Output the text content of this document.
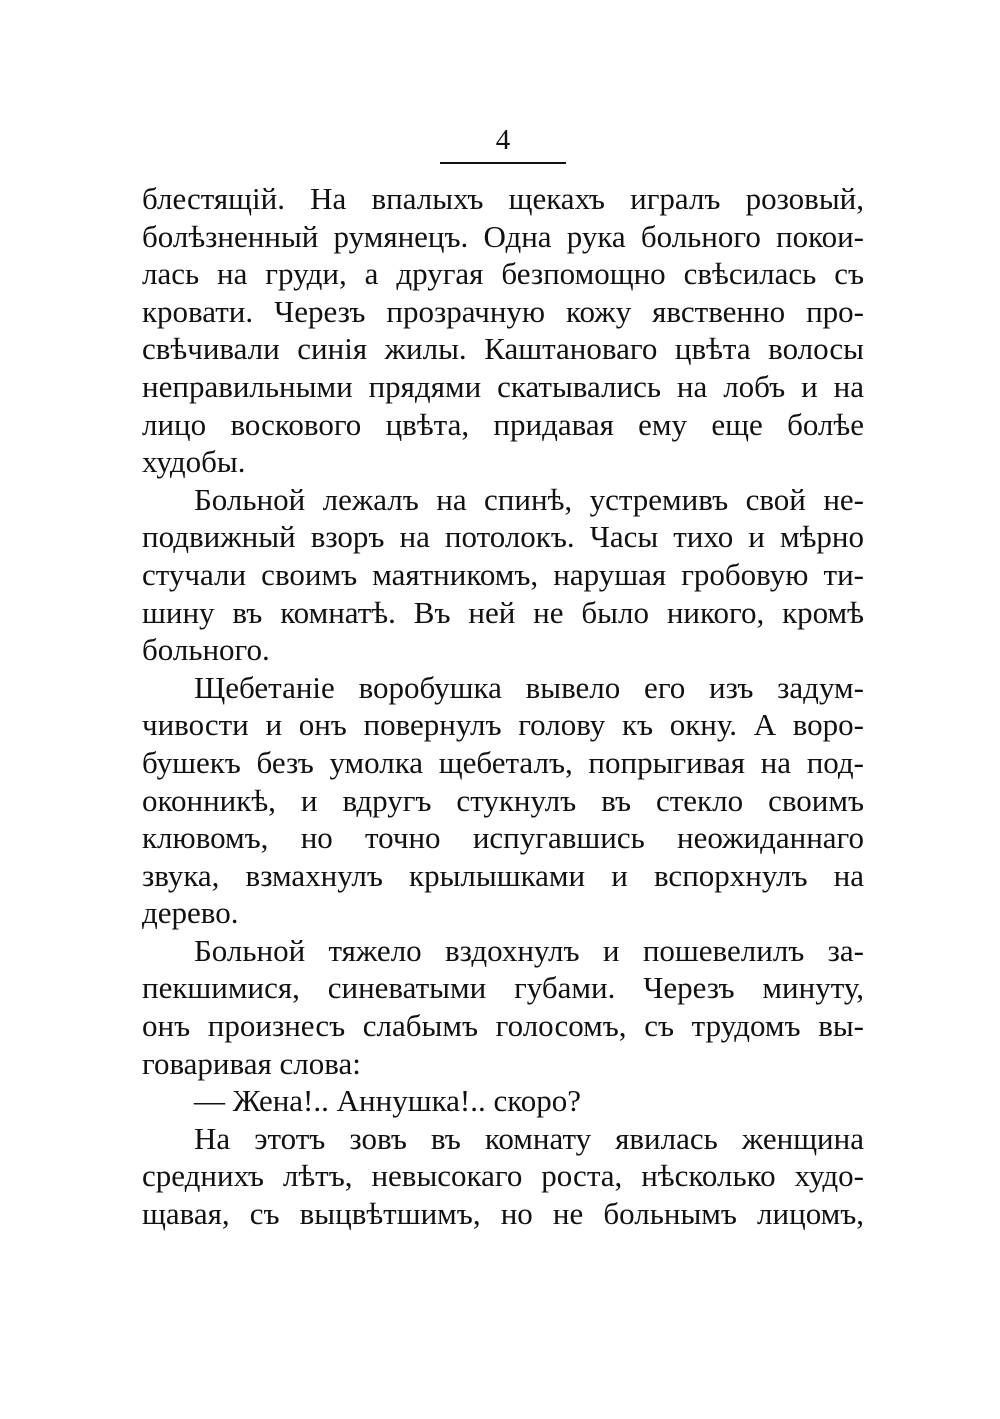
4
блестящій. На впалыхъ щекахъ игралъ розовый,
болѣзненный румянецъ. Одна рука больного покои-
лась на груди, а другая безпомощно свѣсилась съ
кровати. Черезъ прозрачную кожу явственно про-
свѣчивали синія жилы. Каштановаго цвѣта волосы
неправильными прядями скатывались на лобъ и на
лицо воскового цвѣта, придавая ему еще болѣе
худобы.
Больной лежалъ на спинѣ, устремивъ свой не-
подвижный взоръ на потолокъ. Часы тихо и мѣрно
стучали своимъ маятникомъ, нарушая гробовую ти-
шину въ комнатѣ. Въ ней не было никого, кромѣ
больного.
Щебетаніе воробушка вывело его изъ задум-
чивости и онъ повернулъ голову къ окну. А воро-
бушекъ безъ умолка щебеталъ, попрыгивая на под-
оконникѣ, и вдругъ стукнулъ въ стекло своимъ
клювомъ, но точно испугавшись неожиданнаго
звука, взмахнулъ крылышками и вспорхнулъ на
дерево.
Больной тяжело вздохнулъ и пошевелилъ за-
пекшимися, синеватыми губами. Черезъ минуту,
онъ произнесъ слабымъ голосомъ, съ трудомъ вы-
говаривая слова:
— Жена!.. Аннушка!.. скоро?
На этотъ зовъ въ комнату явилась женщина
среднихъ лѣтъ, невысокаго роста, нѣсколько худо-
щавая, съ выцвѣтшимъ, но не больнымъ лицомъ,
